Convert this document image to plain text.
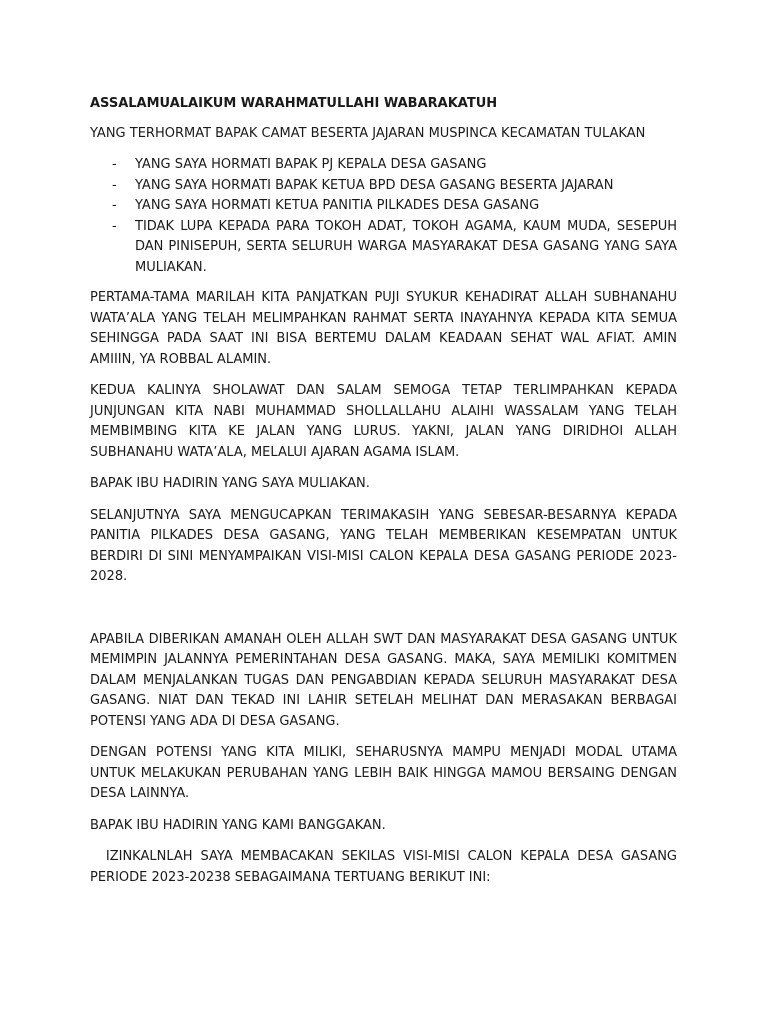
ASSALAMUALAIKUM WARAHMATULLAHI WABARAKATUH

YANG TERHORMAT BAPAK CAMAT BESERTA JAJARAN MUSPINCA KECAMATAN TULAKAN

- YANG SAYA HORMATI BAPAK PJ KEPALA DESA GASANG
- YANG SAYA HORMATI BAPAK KETUA BPD DESA GASANG BESERTA JAJARAN
- YANG SAYA HORMATI KETUA PANITIA PILKADES DESA GASANG
- TIDAK LUPA KEPADA PARA TOKOH ADAT, TOKOH AGAMA, KAUM MUDA, SESEPUH DAN PINISEPUH, SERTA SELURUH WARGA MASYARAKAT DESA GASANG YANG SAYA MULIAKAN.

PERTAMA-TAMA MARILAH KITA PANJATKAN PUJI SYUKUR KEHADIRAT ALLAH SUBHANAHU WATA’ALA YANG TELAH MELIMPAHKAN RAHMAT SERTA INAYAHNYA KEPADA KITA SEMUA SEHINGGA PADA SAAT INI BISA BERTEMU DALAM KEADAAN SEHAT WAL AFIAT. AMIN AMIIIN, YA ROBBAL ALAMIN.

KEDUA KALINYA SHOLAWAT DAN SALAM SEMOGA TETAP TERLIMPAHKAN KEPADA JUNJUNGAN KITA NABI MUHAMMAD SHOLLALLAHU ALAIHI WASSALAM YANG TELAH MEMBIMBING KITA KE JALAN YANG LURUS. YAKNI, JALAN YANG DIRIDHOI ALLAH SUBHANAHU WATA’ALA, MELALUI AJARAN AGAMA ISLAM.

BAPAK IBU HADIRIN YANG SAYA MULIAKAN.

SELANJUTNYA SAYA MENGUCAPKAN TERIMAKASIH YANG SEBESAR-BESARNYA KEPADA PANITIA PILKADES DESA GASANG, YANG TELAH MEMBERIKAN KESEMPATAN UNTUK BERDIRI DI SINI MENYAMPAIKAN VISI-MISI CALON KEPALA DESA GASANG PERIODE 2023-2028.

APABILA DIBERIKAN AMANAH OLEH ALLAH SWT DAN MASYARAKAT DESA GASANG UNTUK MEMIMPIN JALANNYA PEMERINTAHAN DESA GASANG. MAKA, SAYA MEMILIKI KOMITMEN DALAM MENJALANKAN TUGAS DAN PENGABDIAN KEPADA SELURUH MASYARAKAT DESA GASANG. NIAT DAN TEKAD INI LAHIR SETELAH MELIHAT DAN MERASAKAN BERBAGAI POTENSI YANG ADA DI DESA GASANG.

DENGAN POTENSI YANG KITA MILIKI, SEHARUSNYA MAMPU MENJADI MODAL UTAMA UNTUK MELAKUKAN PERUBAHAN YANG LEBIH BAIK HINGGA MAMOU BERSAING DENGAN DESA LAINNYA.

BAPAK IBU HADIRIN YANG KAMI BANGGAKAN.

IZINKALNLAH SAYA MEMBACAKAN SEKILAS VISI-MISI CALON KEPALA DESA GASANG PERIODE 2023-20238 SEBAGAIMANA TERTUANG BERIKUT INI:
